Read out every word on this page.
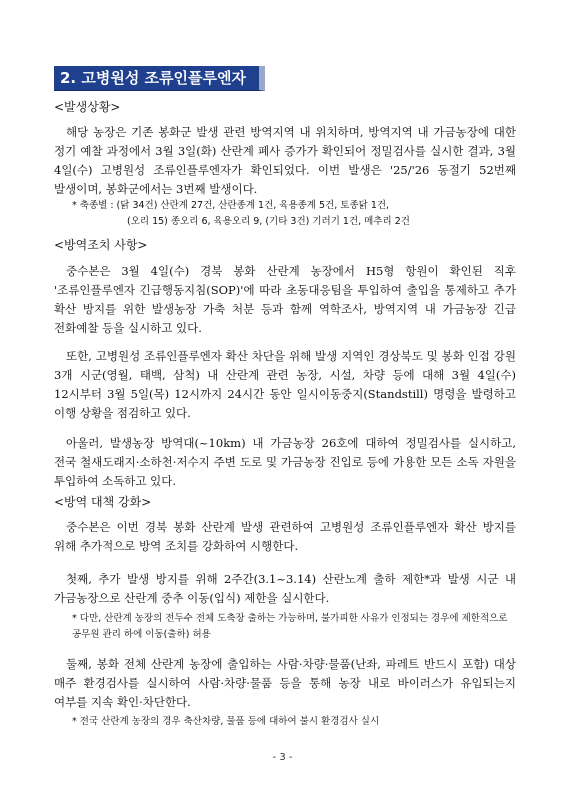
2. 고병원성 조류인플루엔자
<발생상황>
해당 농장은 기존 봉화군 발생 관련 방역지역 내 위치하며, 방역지역 내 가금농장에 대한 정기 예찰 과정에서 3월 3일(화) 산란계 폐사 증가가 확인되어 정밀검사를 실시한 결과, 3월 4일(수) 고병원성 조류인플루엔자가 확인되었다. 이번 발생은 '25/'26 동절기 52번째 발생이며, 봉화군에서는 3번째 발생이다.
* 축종별 : (닭 34건) 산란계 27건, 산란종계 1건, 육용종계 5건, 토종닭 1건,
(오리 15) 종오리 6, 육용오리 9, (기타 3건) 기러기 1건, 메추리 2건
<방역조치 사항>
중수본은 3월 4일(수) 경북 봉화 산란계 농장에서 H5형 항원이 확인된 직후 '조류인플루엔자 긴급행동지침(SOP)'에 따라 초동대응팀을 투입하여 출입을 통제하고 추가 확산 방지를 위한 발생농장 가축 처분 등과 함께 역학조사, 방역지역 내 가금농장 긴급 전화예찰 등을 실시하고 있다.
또한, 고병원성 조류인플루엔자 확산 차단을 위해 발생 지역인 경상북도 및 봉화 인접 강원 3개 시군(영월, 태백, 삼척) 내 산란계 관련 농장, 시설, 차량 등에 대해 3월 4일(수) 12시부터 3월 5일(목) 12시까지 24시간 동안 일시이동중지(Standstill) 명령을 발령하고 이행 상황을 점검하고 있다.
아울러, 발생농장 방역대(~10km) 내 가금농장 26호에 대하여 정밀검사를 실시하고, 전국 철새도래지·소하천·저수지 주변 도로 및 가금농장 진입로 등에 가용한 모든 소독 자원을 투입하여 소독하고 있다.
<방역 대책 강화>
중수본은 이번 경북 봉화 산란계 발생 관련하여 고병원성 조류인플루엔자 확산 방지를 위해 추가적으로 방역 조치를 강화하여 시행한다.
첫째, 추가 발생 방지를 위해 2주간(3.1~3.14) 산란노계 출하 제한*과 발생 시군 내 가금농장으로 산란계 중추 이동(입식) 제한을 실시한다.
* 다만, 산란계 농장의 전두수 전체 도축장 출하는 가능하며, 불가피한 사유가 인정되는 경우에 제한적으로 공무원 관리 하에 이동(출하) 허용
둘째, 봉화 전체 산란계 농장에 출입하는 사람·차량·물품(난좌, 파레트 반드시 포함) 대상 매주 환경검사를 실시하여 사람·차량·물품 등을 통해 농장 내로 바이러스가 유입되는지 여부를 지속 확인·차단한다.
* 전국 산란계 농장의 경우 축산차량, 물품 등에 대하여 불시 환경검사 실시
- 3 -
